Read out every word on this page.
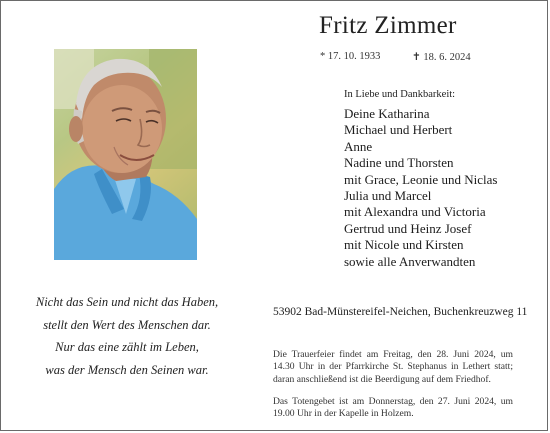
Fritz Zimmer
* 17. 10. 1933	✝ 18. 6. 2024
Nicht das Sein und nicht das Haben,
stellt den Wert des Menschen dar.
Nur das eine zählt im Leben,
was der Mensch den Seinen war.
In Liebe und Dankbarkeit:
Deine Katharina
Michael und Herbert
Anne
Nadine und Thorsten
mit Grace, Leonie und Niclas
Julia und Marcel
mit Alexandra und Victoria
Gertrud und Heinz Josef
mit Nicole und Kirsten
sowie alle Anverwandten
53902 Bad-Münstereifel-Neichen, Buchenkreuzweg 11
Die Trauerfeier findet am Freitag, den 28. Juni 2024, um 14.30 Uhr in der Pfarrkirche St. Stephanus in Lethert statt; daran anschließend ist die Beerdigung auf dem Friedhof.
Das Totengebet ist am Donnerstag, den 27. Juni 2024, um 19.00 Uhr in der Kapelle in Holzem.
